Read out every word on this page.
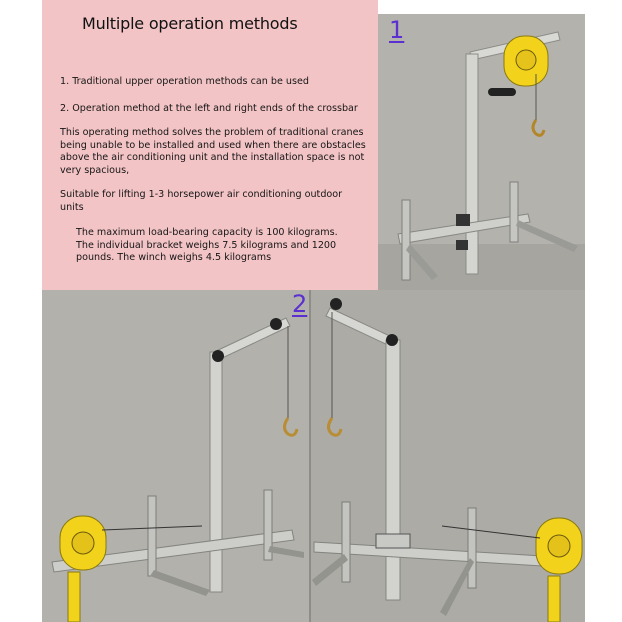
Multiple operation methods
1. Traditional upper operation methods can be used
2. Operation method at the left and right ends of the crossbar
This operating method solves the problem of traditional cranes being unable to be installed and used when there are obstacles above the air conditioning unit and the installation space is not very spacious,
Suitable for lifting 1-3 horsepower air conditioning outdoor units
The maximum load-bearing capacity is 100 kilograms. The individual bracket weighs 7.5 kilograms and 1200 pounds. The winch weighs 4.5 kilograms
1
2
